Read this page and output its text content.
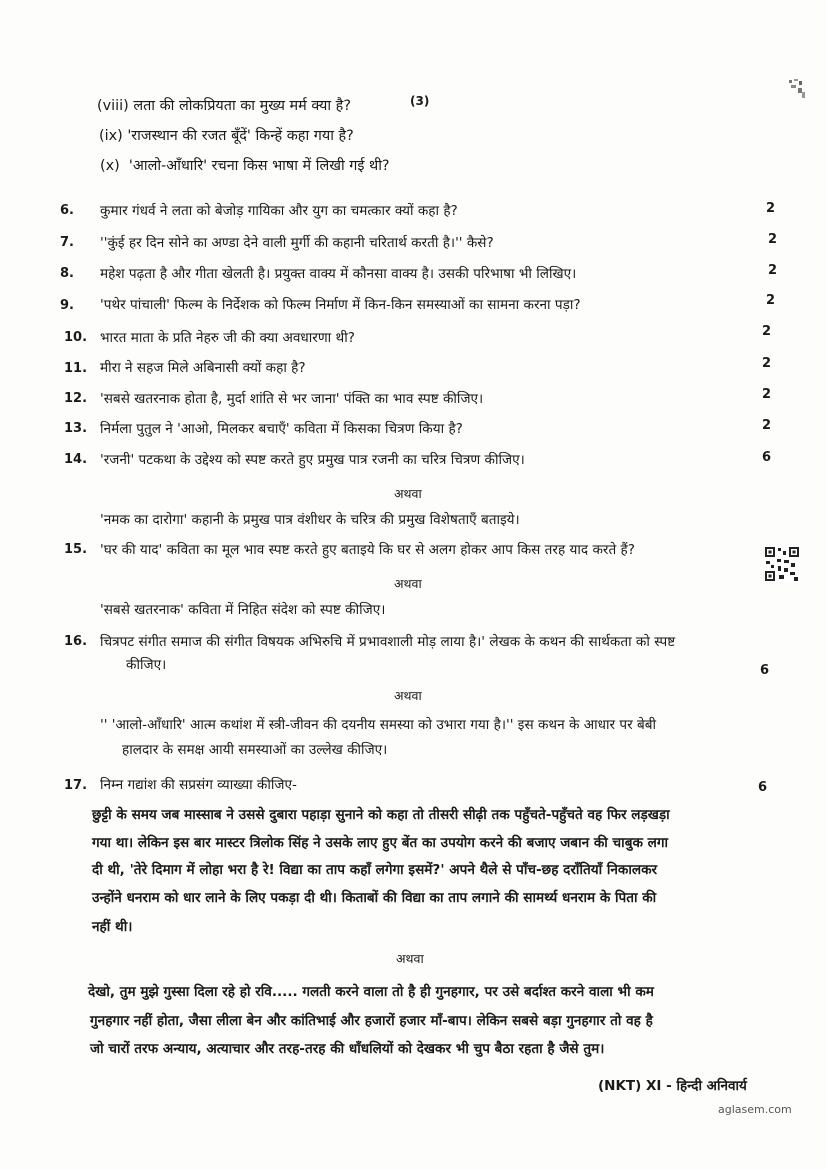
(3)
(viii) लता की लोकप्रियता का मुख्य मर्म क्या है?
(ix) 'राजस्थान की रजत बूँदें' किन्हें कहा गया है?
(x) 'आलो-आँधारि' रचना किस भाषा में लिखी गई थी?
6. कुमार गंधर्व ने लता को बेजोड़ गायिका और युग का चमत्कार क्यों कहा है?	2
7. ''कुंई हर दिन सोने का अण्डा देने वाली मुर्गी की कहानी चरितार्थ करती है।'' कैसे?	2
8. महेश पढ़ता है और गीता खेलती है। प्रयुक्त वाक्य में कौनसा वाक्य है। उसकी परिभाषा भी लिखिए।	2
9. 'पथेर पांचाली' फिल्म के निर्देशक को फिल्म निर्माण में किन-किन समस्याओं का सामना करना पड़ा?	2
10. भारत माता के प्रति नेहरु जी की क्या अवधारणा थी?	2
11. मीरा ने सहज मिले अबिनासी क्यों कहा है?	2
12. 'सबसे खतरनाक होता है, मुर्दा शांति से भर जाना' पंक्ति का भाव स्पष्ट कीजिए।	2
13. निर्मला पुतुल ने 'आओ, मिलकर बचाएँ' कविता में किसका चित्रण किया है?	2
14. 'रजनी' पटकथा के उद्देश्य को स्पष्ट करते हुए प्रमुख पात्र रजनी का चरित्र चित्रण कीजिए।	6
अथवा
'नमक का दारोगा' कहानी के प्रमुख पात्र वंशीधर के चरित्र की प्रमुख विशेषताएँ बताइये।
15. 'घर की याद' कविता का मूल भाव स्पष्ट करते हुए बताइये कि घर से अलग होकर आप किस तरह याद करते हैं?
अथवा
'सबसे खतरनाक' कविता में निहित संदेश को स्पष्ट कीजिए।
16. चित्रपट संगीत समाज की संगीत विषयक अभिरुचि में प्रभावशाली मोड़ लाया है।' लेखक के कथन की सार्थकता को स्पष्ट
कीजिए।	6
अथवा
'' 'आलो-आँधारि' आत्म कथांश में स्त्री-जीवन की दयनीय समस्या को उभारा गया है।'' इस कथन के आधार पर बेबी
हालदार के समक्ष आयी समस्याओं का उल्लेख कीजिए।
17. निम्न गद्यांश की सप्रसंग व्याख्या कीजिए-	6
छुट्टी के समय जब मास्साब ने उससे दुबारा पहाड़ा सुनाने को कहा तो तीसरी सीढ़ी तक पहुँचते-पहुँचते वह फिर लड़खड़ा
गया था। लेकिन इस बार मास्टर त्रिलोक सिंह ने उसके लाए हुए बेंत का उपयोग करने की बजाए जबान की चाबुक लगा
दी थी, 'तेरे दिमाग में लोहा भरा है रे! विद्या का ताप कहाँ लगेगा इसमें?' अपने थैले से पाँच-छह दराँतियाँ निकालकर
उन्होंने धनराम को धार लाने के लिए पकड़ा दी थी। किताबों की विद्या का ताप लगाने की सामर्थ्य धनराम के पिता की
नहीं थी।
अथवा
देखो, तुम मुझे गुस्सा दिला रहे हो रवि..... गलती करने वाला तो है ही गुनहगार, पर उसे बर्दाश्त करने वाला भी कम
गुनहगार नहीं होता, जैसा लीला बेन और कांतिभाई और हजारों हजार माँ-बाप। लेकिन सबसे बड़ा गुनहगार तो वह है
जो चारों तरफ अन्याय, अत्याचार और तरह-तरह की धाँधलियों को देखकर भी चुप बैठा रहता है जैसे तुम।
(NKT) XI - हिन्दी अनिवार्य
aglasem.com
